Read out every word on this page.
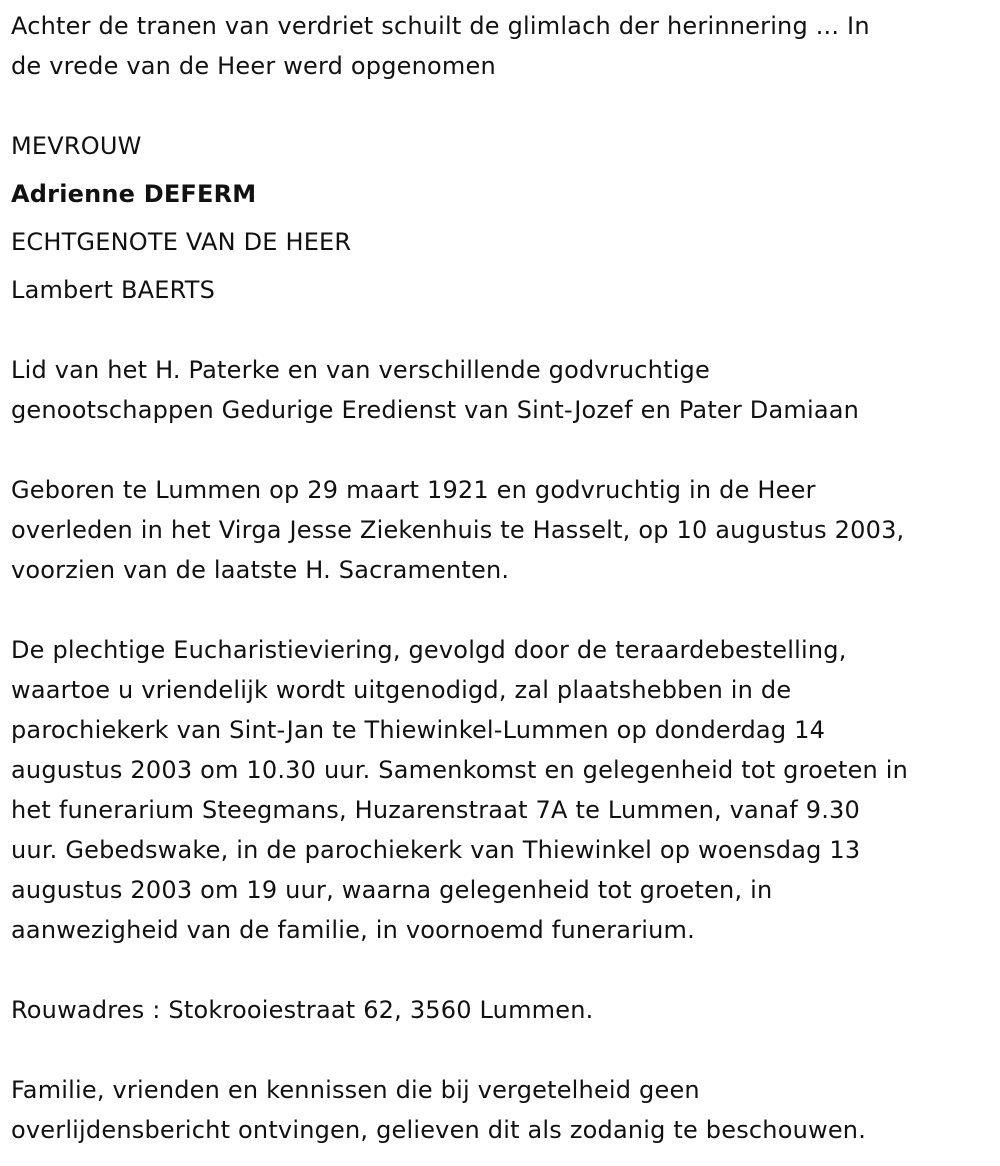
Achter de tranen van verdriet schuilt de glimlach der herinnering ... In
de vrede van de Heer werd opgenomen
MEVROUW
Adrienne DEFERM
ECHTGENOTE VAN DE HEER
Lambert BAERTS
Lid van het H. Paterke en van verschillende godvruchtige
genootschappen Gedurige Eredienst van Sint-Jozef en Pater Damiaan
Geboren te Lummen op 29 maart 1921 en godvruchtig in de Heer
overleden in het Virga Jesse Ziekenhuis te Hasselt, op 10 augustus 2003,
voorzien van de laatste H. Sacramenten.
De plechtige Eucharistieviering, gevolgd door de teraardebestelling,
waartoe u vriendelijk wordt uitgenodigd, zal plaatshebben in de
parochiekerk van Sint-Jan te Thiewinkel-Lummen op donderdag 14
augustus 2003 om 10.30 uur. Samenkomst en gelegenheid tot groeten in
het funerarium Steegmans, Huzarenstraat 7A te Lummen, vanaf 9.30
uur. Gebedswake, in de parochiekerk van Thiewinkel op woensdag 13
augustus 2003 om 19 uur, waarna gelegenheid tot groeten, in
aanwezigheid van de familie, in voornoemd funerarium.
Rouwadres : Stokrooiestraat 62, 3560 Lummen.
Familie, vrienden en kennissen die bij vergetelheid geen
overlijdensbericht ontvingen, gelieven dit als zodanig te beschouwen.
